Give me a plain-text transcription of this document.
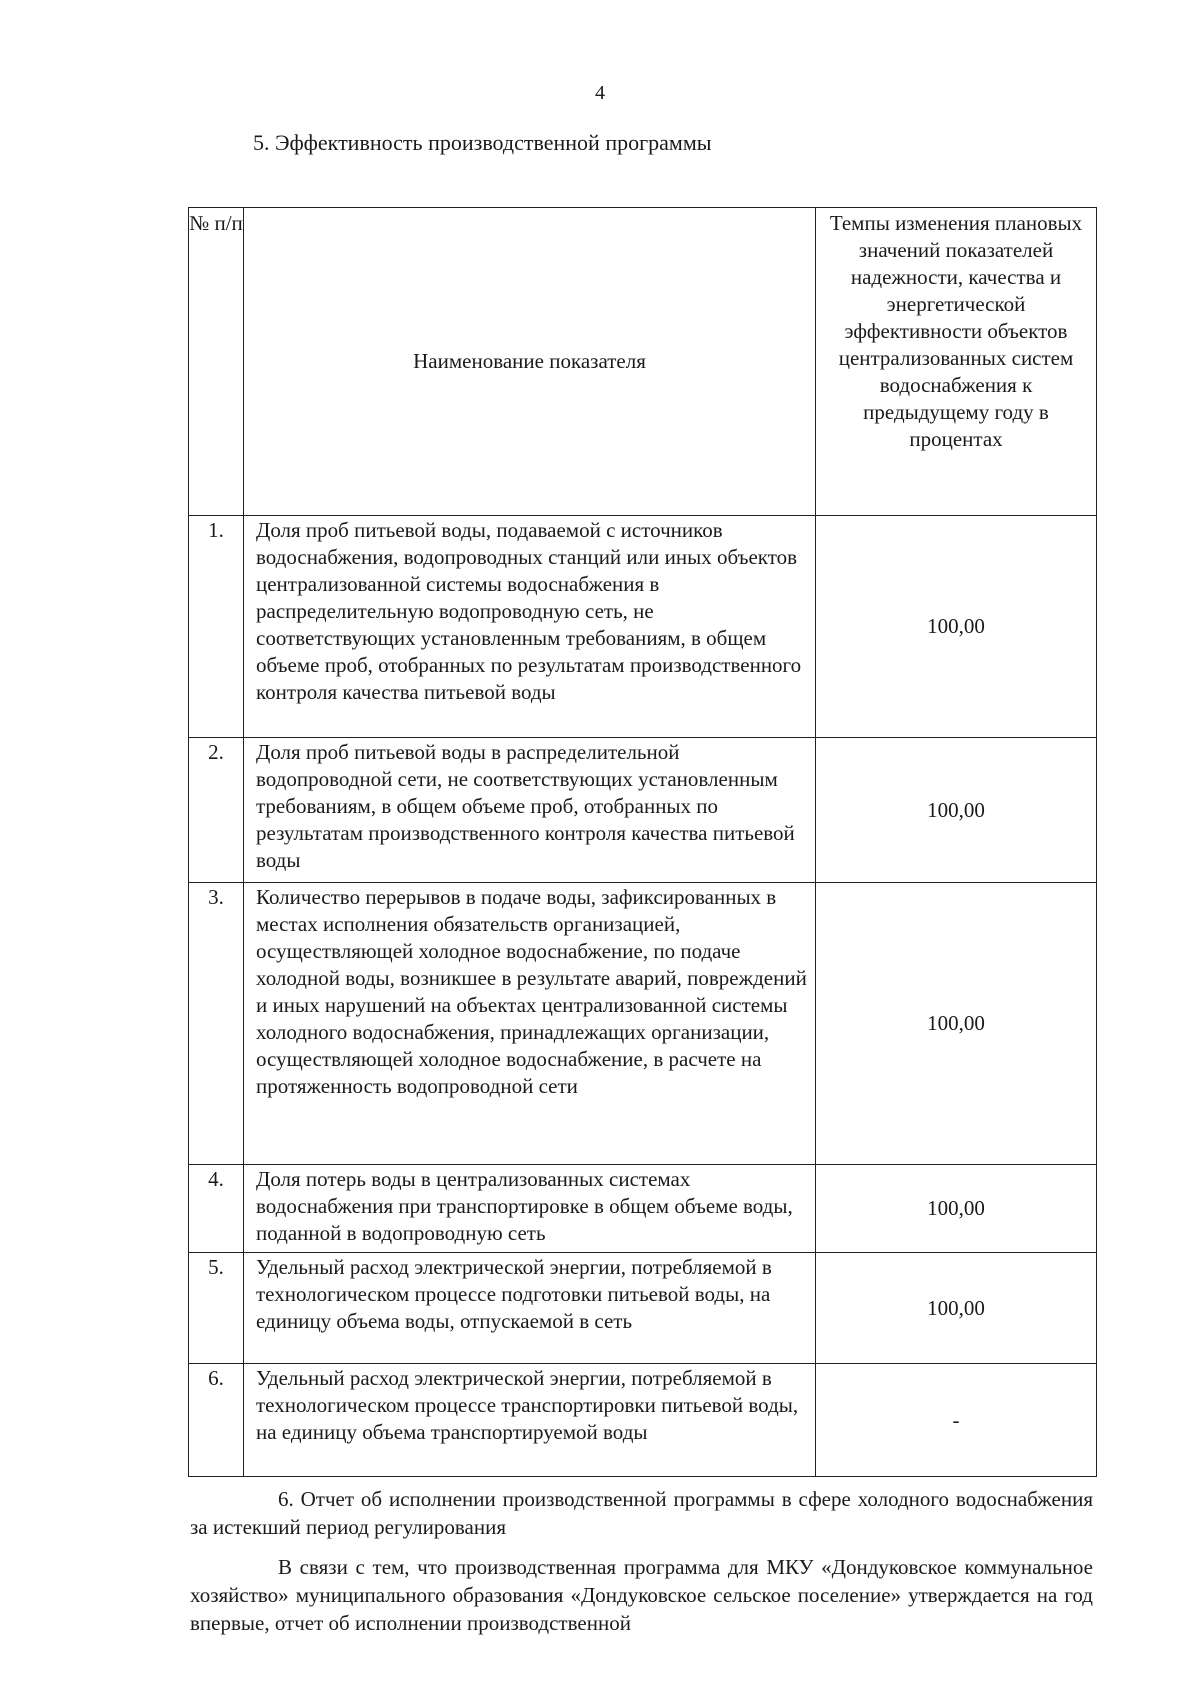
4
5. Эффективность производственной программы
№ п/п	Наименование показателя	Темпы изменения плановых значений показателей надежности, качества и энергетической эффективности объектов централизованных систем водоснабжения к предыдущему году в процентах
1.	Доля проб питьевой воды, подаваемой с источников водоснабжения, водопроводных станций или иных объектов централизованной системы водоснабжения в распределительную водопроводную сеть, не соответствующих установленным требованиям, в общем объеме проб, отобранных по результатам производственного контроля качества питьевой воды	100,00
2.	Доля проб питьевой воды в распределительной водопроводной сети, не соответствующих установленным требованиям, в общем объеме проб, отобранных по результатам производственного контроля качества питьевой воды	100,00
3.	Количество перерывов в подаче воды, зафиксированных в местах исполнения обязательств организацией, осуществляющей холодное водоснабжение, по подаче холодной воды, возникшее в результате аварий, повреждений и иных нарушений на объектах централизованной системы холодного водоснабжения, принадлежащих организации, осуществляющей холодное водоснабжение, в расчете на протяженность водопроводной сети	100,00
4.	Доля потерь воды в централизованных системах водоснабжения при транспортировке в общем объеме воды, поданной в водопроводную сеть	100,00
5.	Удельный расход электрической энергии, потребляемой в технологическом процессе подготовки питьевой воды, на единицу объема воды, отпускаемой в сеть	100,00
6.	Удельный расход электрической энергии, потребляемой в технологическом процессе транспортировки питьевой воды, на единицу объема транспортируемой воды	-
6. Отчет об исполнении производственной программы в сфере холодного водоснабжения за истекший период регулирования
В связи с тем, что производственная программа для МКУ «Дондуковское коммунальное хозяйство» муниципального образования «Дондуковское сельское поселение» утверждается на год впервые, отчет об исполнении производственной
